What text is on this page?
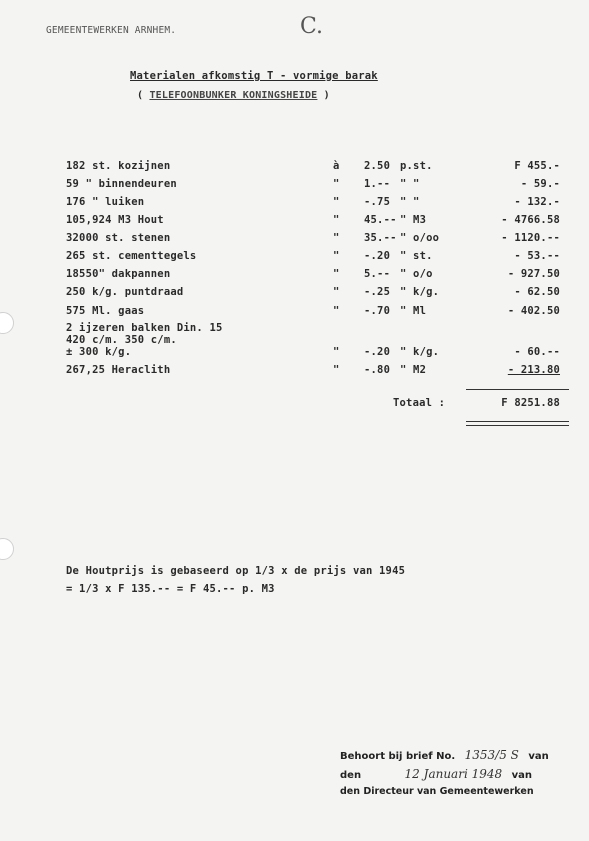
GEMEENTEWERKEN ARNHEM.	C.
Materialen afkomstig T - vormige barak
( TELEFOONBUNKER KONINGSHEIDE )
182 st. kozijnen	à 2.50 p.st.	F 455.-
59 " binnendeuren	" 1.-- " "	- 59.-
176 " luiken	" -.75 " "	- 132.-
105,924 M3 Hout	" 45.-- " M3	- 4766.58
32000 st. stenen	" 35.-- " o/oo	- 1120.--
265 st. cementtegels	" -.20 " st.	- 53.--
18550" dakpannen	" 5.-- " o/o	- 927.50
250 k/g. puntdraad	" -.25 " k/g.	- 62.50
575 Ml. gaas	" -.70 " Ml	- 402.50
2 ijzeren balken Din. 15
420 c/m. 350 c/m.
± 300 k/g.	" -.20 " k/g.	- 60.--
267,25 Heraclith	" -.80 " M2	- 213.80
Totaal :	F 8251.88
De Houtprijs is gebaseerd op 1/3 x de prijs van 1945
= 1/3 x F 135.-- = F 45.-- p. M3
Behoort bij brief No. 1353/5 S van
den	12 Januari 1948 van
den Directeur van Gemeentewerken
